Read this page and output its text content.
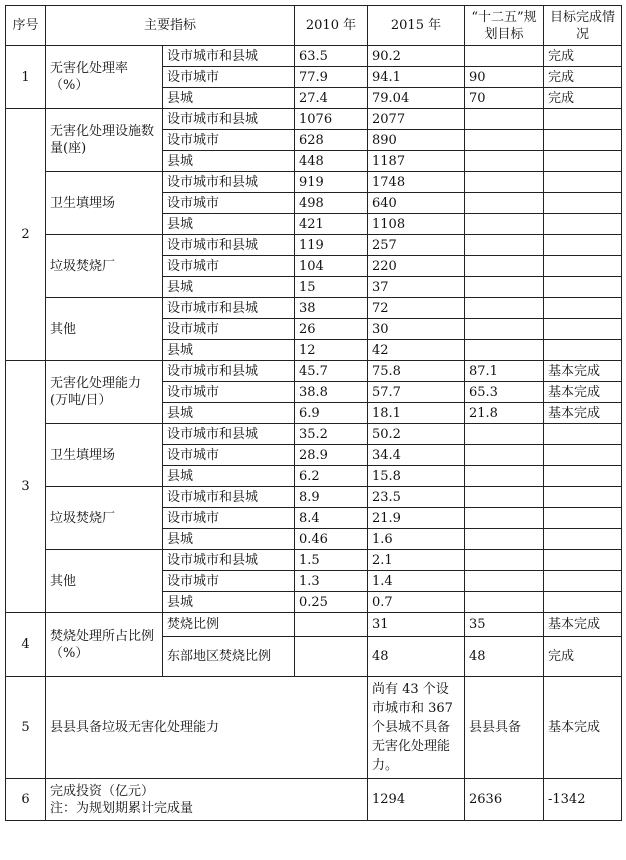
序号	主要指标		2010 年	2015 年	“十二五”规划目标	目标完成情况
1	无害化处理率（%）	设市城市和县城	63.5	90.2		完成
		设市城市	77.9	94.1	90	完成
		县城	27.4	79.04	70	完成
2	无害化处理设施数量(座)	设市城市和县城	1076	2077		
		设市城市	628	890		
		县城	448	1187		
	卫生填埋场	设市城市和县城	919	1748		
		设市城市	498	640		
		县城	421	1108		
	垃圾焚烧厂	设市城市和县城	119	257		
		设市城市	104	220		
		县城	15	37		
	其他	设市城市和县城	38	72		
		设市城市	26	30		
		县城	12	42		
3	无害化处理能力(万吨/日）	设市城市和县城	45.7	75.8	87.1	基本完成
		设市城市	38.8	57.7	65.3	基本完成
		县城	6.9	18.1	21.8	基本完成
	卫生填埋场	设市城市和县城	35.2	50.2		
		设市城市	28.9	34.4		
		县城	6.2	15.8		
	垃圾焚烧厂	设市城市和县城	8.9	23.5		
		设市城市	8.4	21.9		
		县城	0.46	1.6		
	其他	设市城市和县城	1.5	2.1		
		设市城市	1.3	1.4		
		县城	0.25	0.7		
4	焚烧处理所占比例（%）	焚烧比例		31	35	基本完成
		东部地区焚烧比例		48	48	完成
5	县县具备垃圾无害化处理能力			尚有 43 个设市城市和 367 个县城不具备无害化处理能力。	县县具备	基本完成
6	完成投资（亿元）
注：为规划期累计完成量			1294	2636	-1342
